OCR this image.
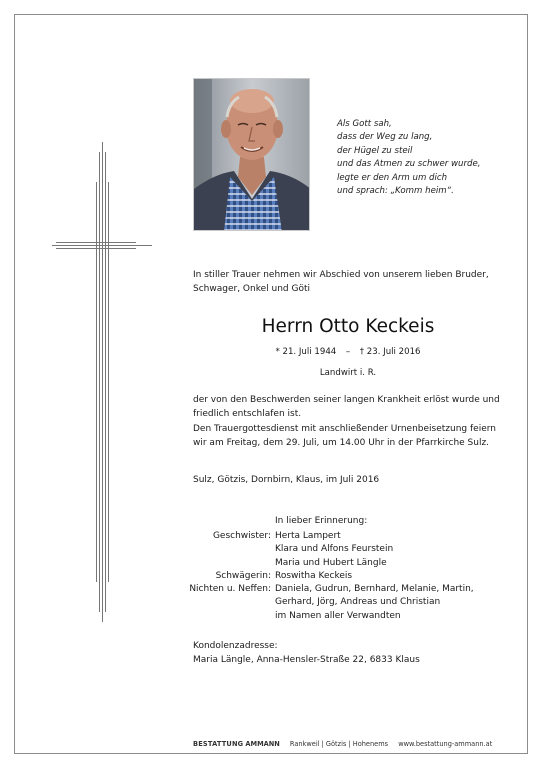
Als Gott sah,
dass der Weg zu lang,
der Hügel zu steil
und das Atmen zu schwer wurde,
legte er den Arm um dich
und sprach: „Komm heim“.
In stiller Trauer nehmen wir Abschied von unserem lieben Bruder, Schwager, Onkel und Göti
Herrn Otto Keckeis
* 21. Juli 1944 – † 23. Juli 2016
Landwirt i. R.
der von den Beschwerden seiner langen Krankheit erlöst wurde und friedlich entschlafen ist.
Den Trauergottesdienst mit anschließender Urnenbeisetzung feiern wir am Freitag, dem 29. Juli, um 14.00 Uhr in der Pfarrkirche Sulz.
Sulz, Götzis, Dornbirn, Klaus, im Juli 2016
In lieber Erinnerung:
Geschwister: Herta Lampert
Klara und Alfons Feurstein
Maria und Hubert Längle
Schwägerin: Roswitha Keckeis
Nichten u. Neffen: Daniela, Gudrun, Bernhard, Melanie, Martin,
Gerhard, Jörg, Andreas und Christian
im Namen aller Verwandten
Kondolenzadresse:
Maria Längle, Anna-Hensler-Straße 22, 6833 Klaus
BESTATTUNG AMMANN Rankweil | Götzis | Hohenems www.bestattung-ammann.at
